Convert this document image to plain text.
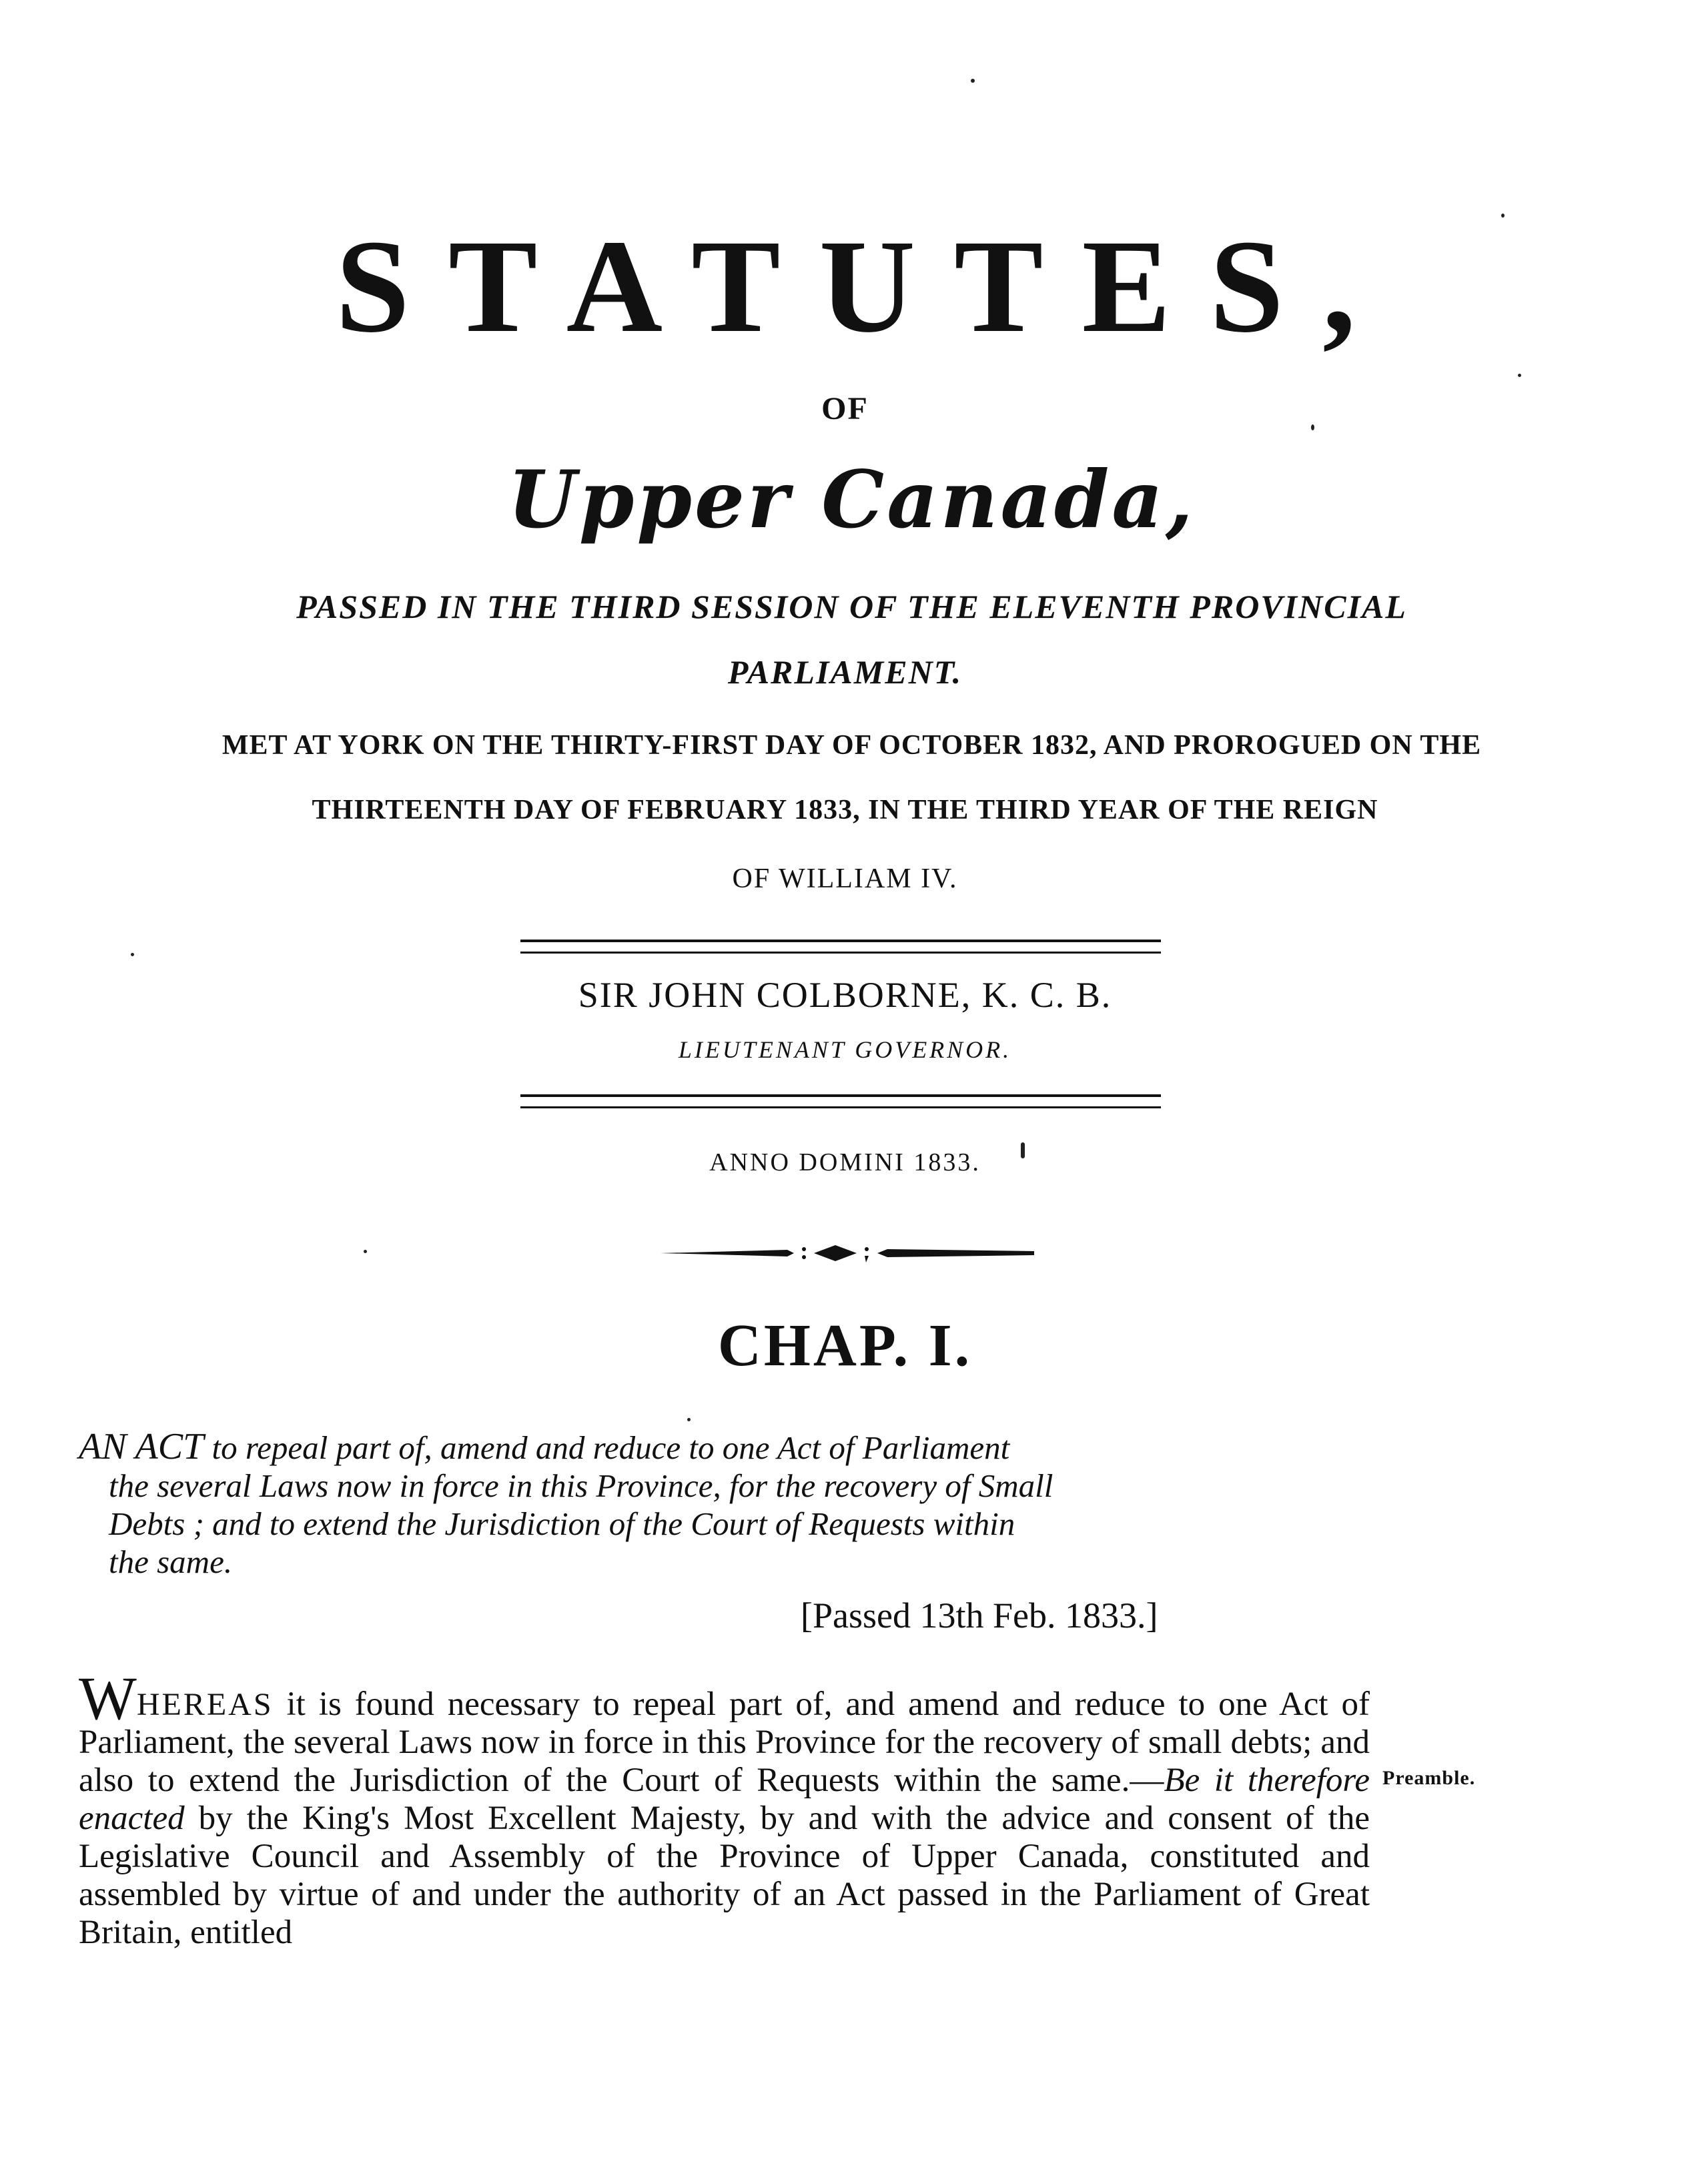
STATUTES,
OF
Upper Canada,
PASSED IN THE THIRD SESSION OF THE ELEVENTH PROVINCIAL
PARLIAMENT.
MET AT YORK ON THE THIRTY-FIRST DAY OF OCTOBER 1832, AND PROROGUED ON THE
THIRTEENTH DAY OF FEBRUARY 1833, IN THE THIRD YEAR OF THE REIGN
OF WILLIAM IV.
SIR JOHN COLBORNE, K. C. B.
LIEUTENANT GOVERNOR.
ANNO DOMINI 1833.
CHAP. I.
AN ACT to repeal part of, amend and reduce to one Act of Parliament
the several Laws now in force in this Province, for the recovery of Small
Debts ; and to extend the Jurisdiction of the Court of Requests within
the same.
[Passed 13th Feb. 1833.]
WHEREAS it is found necessary to repeal part of, and amend and reduce to one Act of Parliament, the several Laws now in force in this Province for the recovery of small debts; and also to extend the Jurisdiction of the Court of Requests within the same.—Be it therefore enacted by the King's Most Excellent Majesty, by and with the advice and consent of the Legislative Council and Assembly of the Province of Upper Canada, constituted and assembled by virtue of and under the authority of an Act passed in the Parliament of Great Britain, entitled
Preamble.
